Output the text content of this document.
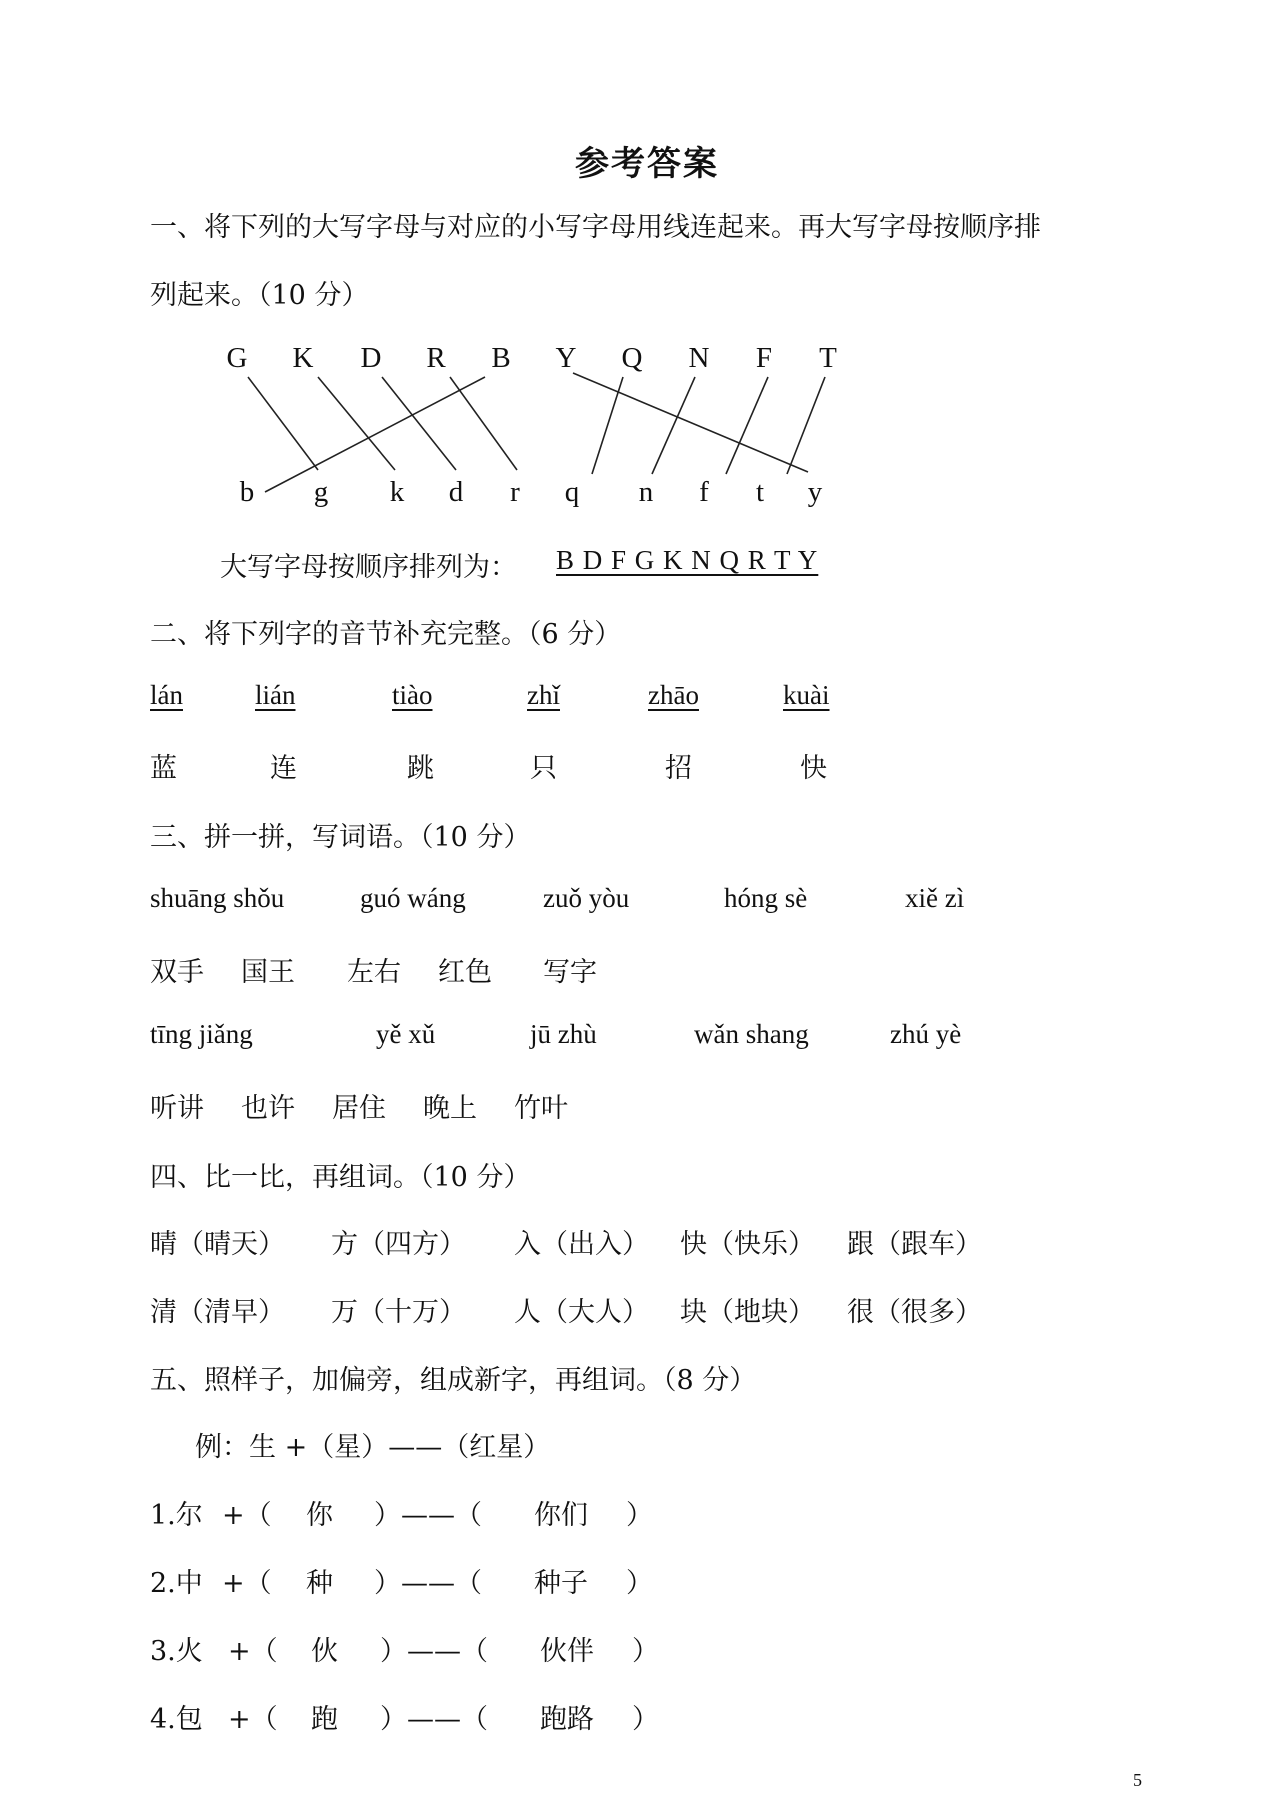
参考答案
一、将下列的大写字母与对应的小写字母用线连起来。再大写字母按顺序排
列起来。（10 分）
G K D R B Y Q N F T
b g k d	r	q n	f	t	y
大写字母按顺序排列为： B D F G K N Q R T Y
二、将下列字的音节补充完整。（6 分）
lán	lián	tiào	zhǐ	zhāo	kuài
蓝	连	跳	只	招	快
三、拼一拼，写词语。（10 分）
shuāng shǒu	guó wáng	zuǒ yòu	hóng sè	xiě zì
双手 国王 左右 红色 写字
tīng jiǎng	yě xǔ	jū zhù	wǎn shang	zhú yè
听讲 也许 居住 晚上 竹叶
四、比一比，再组词。（10 分）
晴（晴天） 方（四方） 入（出入） 快（快乐） 跟（跟车）
清（清早） 万（十万） 人（大人） 块（地块） 很（很多）
五、照样子，加偏旁，组成新字，再组词。（8 分）
例：生 +（星）——（红星）
1.尔 +（ 你 ）——（ 你们 ）
2.中 +（ 种 ）——（ 种子 ）
3.火 +（ 伙 ）——（ 伙伴 ）
4.包 +（ 跑 ）——（ 跑路 ）
5
